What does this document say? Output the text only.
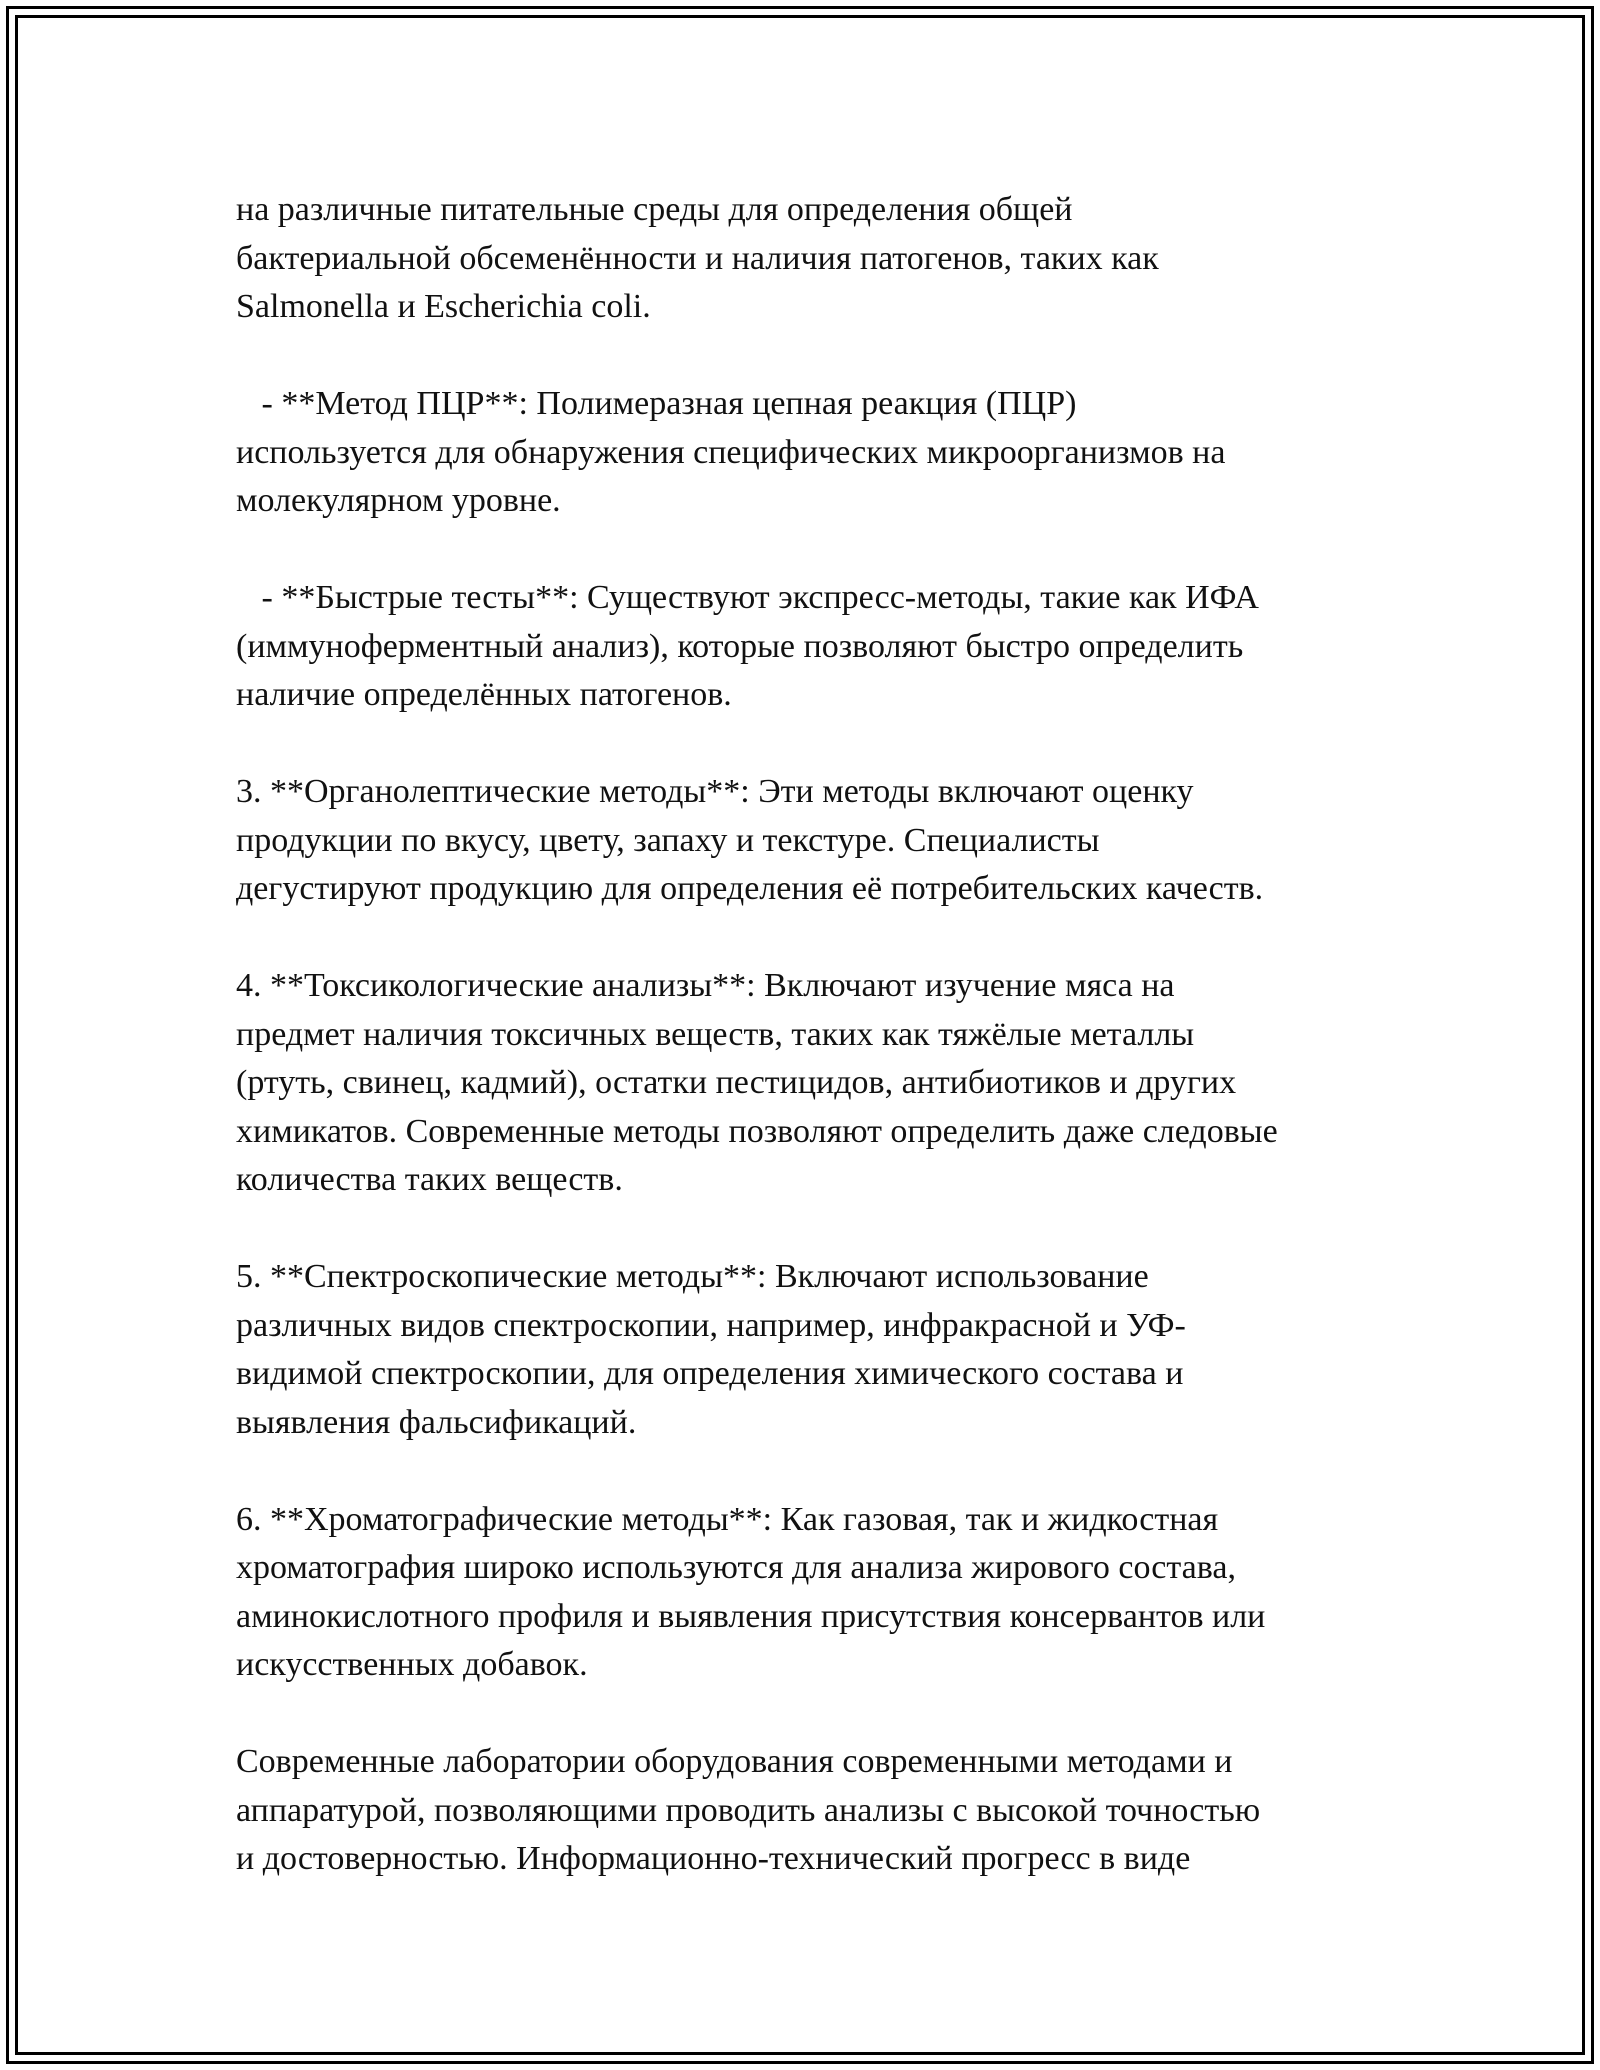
на различные питательные среды для определения общей
бактериальной обсеменённости и наличия патогенов, таких как
Salmonella и Escherichia coli.
- **Метод ПЦР**: Полимеразная цепная реакция (ПЦР)
используется для обнаружения специфических микроорганизмов на
молекулярном уровне.
- **Быстрые тесты**: Существуют экспресс-методы, такие как ИФА
(иммуноферментный анализ), которые позволяют быстро определить
наличие определённых патогенов.
3. **Органолептические методы**: Эти методы включают оценку
продукции по вкусу, цвету, запаху и текстуре. Специалисты
дегустируют продукцию для определения её потребительских качеств.
4. **Токсикологические анализы**: Включают изучение мяса на
предмет наличия токсичных веществ, таких как тяжёлые металлы
(ртуть, свинец, кадмий), остатки пестицидов, антибиотиков и других
химикатов. Современные методы позволяют определить даже следовые
количества таких веществ.
5. **Спектроскопические методы**: Включают использование
различных видов спектроскопии, например, инфракрасной и УФ-
видимой спектроскопии, для определения химического состава и
выявления фальсификаций.
6. **Хроматографические методы**: Как газовая, так и жидкостная
хроматография широко используются для анализа жирового состава,
аминокислотного профиля и выявления присутствия консервантов или
искусственных добавок.
Современные лаборатории оборудования современными методами и
аппаратурой, позволяющими проводить анализы с высокой точностью
и достоверностью. Информационно-технический прогресс в виде
